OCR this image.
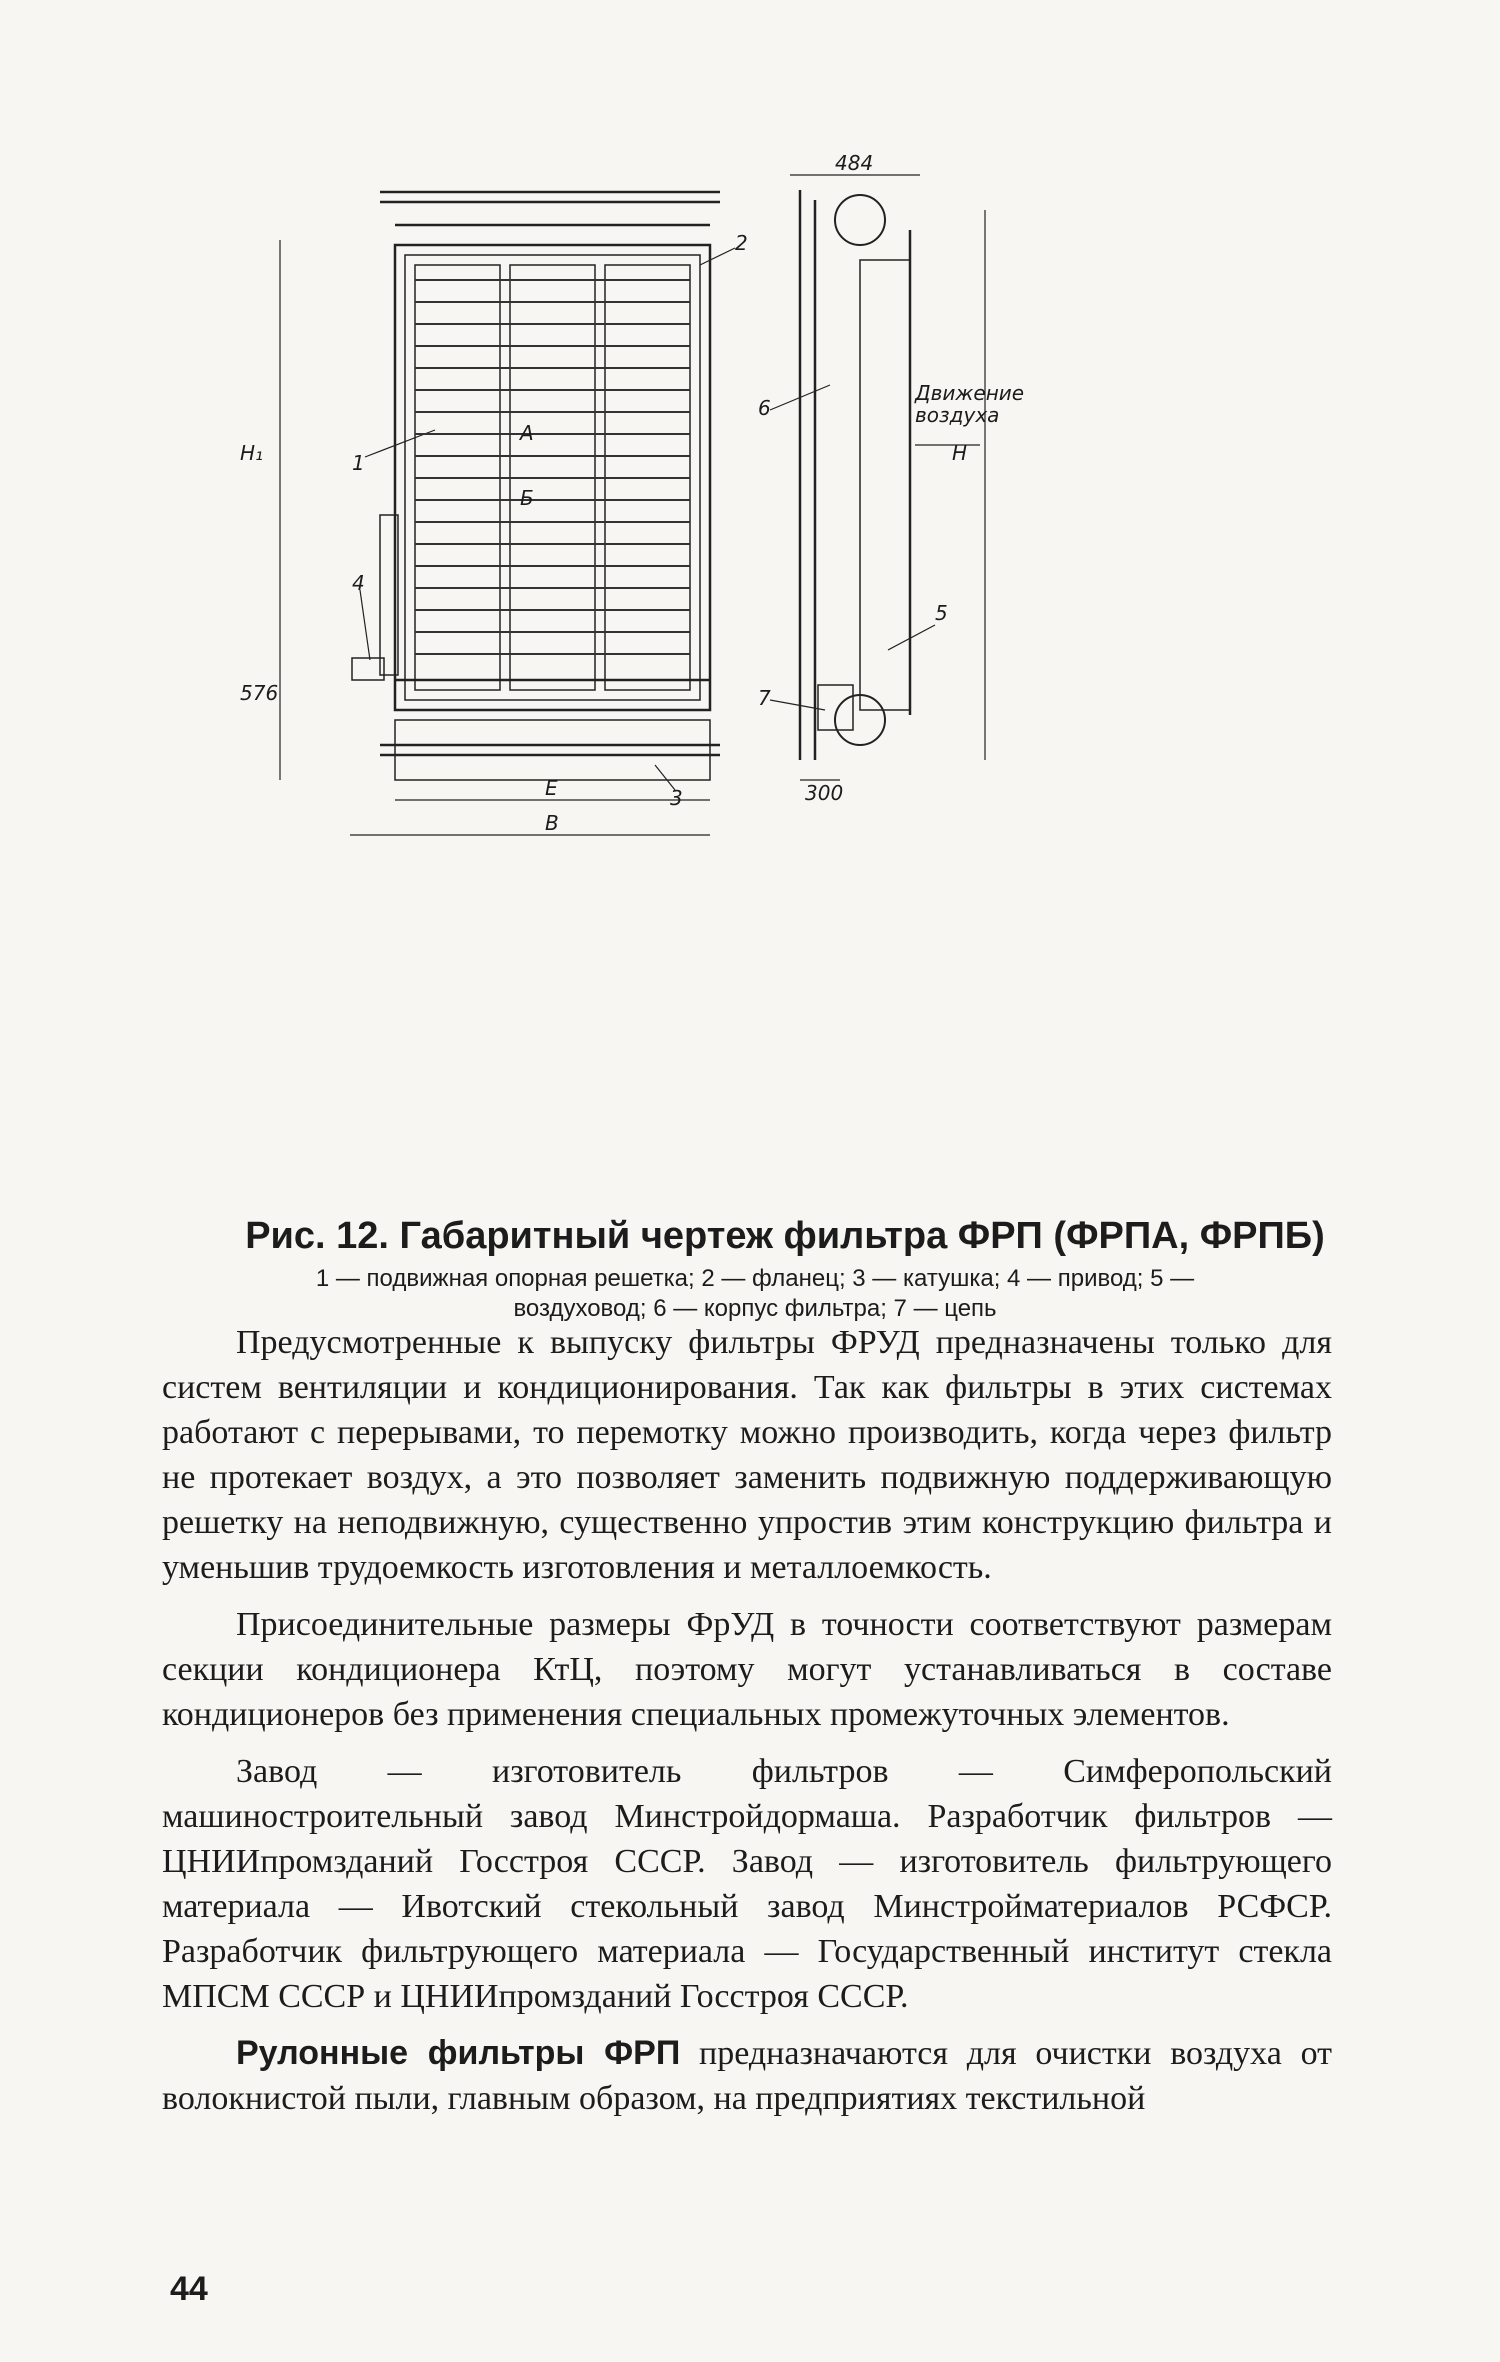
А
Б
Е
В
Н
Н₁
484
300
576
Движение
воздуха
1
2
3
4
5
6
7
Рис. 12. Габаритный чертеж фильтра ФРП (ФРПА, ФРПБ)

1 — подвижная опорная решетка; 2 — фланец; 3 — катушка; 4 — привод; 5 —

воздуховод; 6 — корпус фильтра; 7 — цепь

Предусмотренные к выпуску фильтры ФРУД предназначены только для систем вентиляции и кондиционирования. Так как фильтры в этих системах работают с перерывами, то перемотку можно производить, когда через фильтр не протекает воздух, а это позволяет заменить подвижную поддерживающую решетку на неподвижную, существенно упростив этим конструкцию фильтра и уменьшив трудоемкость изготовления и металлоемкость.

Присоединительные размеры ФрУД в точности соответствуют размерам секции кондиционера КтЦ, поэтому могут устанавливаться в составе кондиционеров без применения специальных промежуточных элементов.

Завод — изготовитель фильтров — Симферопольский машиностроительный завод Минстройдормаша. Разработчик фильтров — ЦНИИпромзданий Госстроя СССР. Завод — изготовитель фильтрующего материала — Ивотский стекольный завод Минстройматериалов РСФСР. Разработчик фильтрующего материала — Государственный институт стекла МПСМ СССР и ЦНИИпромзданий Госстроя СССР.

Рулонные фильтры ФРП предназначаются для очистки воздуха от волокнистой пыли, главным образом, на предприятиях текстильной

44
